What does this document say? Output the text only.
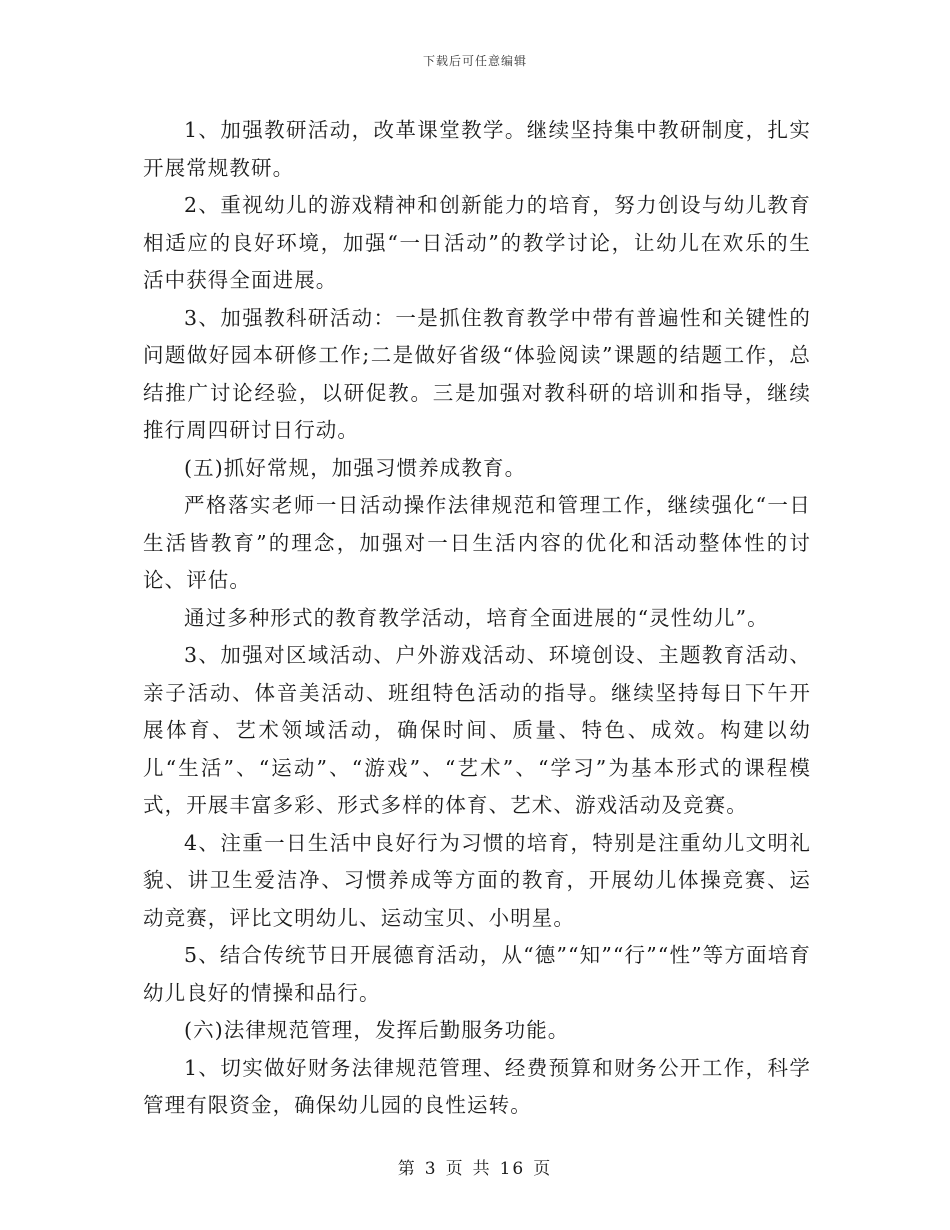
下载后可任意编辑

1、加强教研活动，改革课堂教学。继续坚持集中教研制度，扎实开展常规教研。

2、重视幼儿的游戏精神和创新能力的培育，努力创设与幼儿教育相适应的良好环境，加强“一日活动”的教学讨论，让幼儿在欢乐的生活中获得全面进展。

3、加强教科研活动：一是抓住教育教学中带有普遍性和关键性的问题做好园本研修工作;二是做好省级“体验阅读”课题的结题工作，总结推广讨论经验，以研促教。三是加强对教科研的培训和指导，继续推行周四研讨日行动。

(五)抓好常规，加强习惯养成教育。

严格落实老师一日活动操作法律规范和管理工作，继续强化“一日生活皆教育”的理念，加强对一日生活内容的优化和活动整体性的讨论、评估。

通过多种形式的教育教学活动，培育全面进展的“灵性幼儿”。

3、加强对区域活动、户外游戏活动、环境创设、主题教育活动、亲子活动、体音美活动、班组特色活动的指导。继续坚持每日下午开展体育、艺术领域活动，确保时间、质量、特色、成效。构建以幼儿“生活”、“运动”、“游戏”、“艺术”、“学习”为基本形式的课程模式，开展丰富多彩、形式多样的体育、艺术、游戏活动及竞赛。

4、注重一日生活中良好行为习惯的培育，特别是注重幼儿文明礼貌、讲卫生爱洁净、习惯养成等方面的教育，开展幼儿体操竞赛、运动竞赛，评比文明幼儿、运动宝贝、小明星。

5、结合传统节日开展德育活动，从“德”“知”“行”“性”等方面培育幼儿良好的情操和品行。

(六)法律规范管理，发挥后勤服务功能。

1、切实做好财务法律规范管理、经费预算和财务公开工作，科学管理有限资金，确保幼儿园的良性运转。

第 3 页 共 16 页
